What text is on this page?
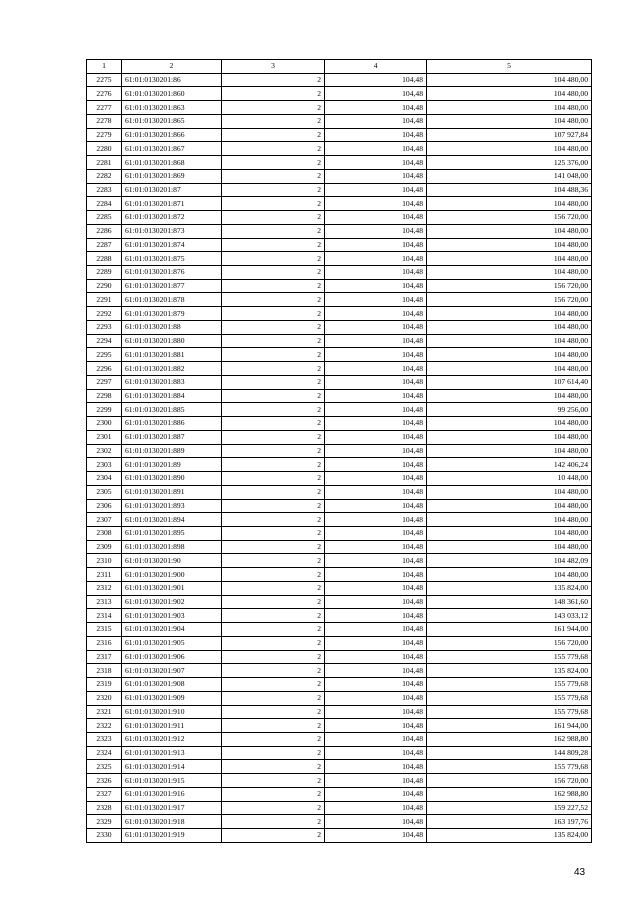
1	2	3	4	5
2275	61:01:0130201:86	2	104,48	104 480,00
2276	61:01:0130201:860	2	104,48	104 480,00
2277	61:01:0130201:863	2	104,48	104 480,00
2278	61:01:0130201:865	2	104,48	104 480,00
2279	61:01:0130201:866	2	104,48	107 927,84
2280	61:01:0130201:867	2	104,48	104 480,00
2281	61:01:0130201:868	2	104,48	125 376,00
2282	61:01:0130201:869	2	104,48	141 048,00
2283	61:01:0130201:87	2	104,48	104 488,36
2284	61:01:0130201:871	2	104,48	104 480,00
2285	61:01:0130201:872	2	104,48	156 720,00
2286	61:01:0130201:873	2	104,48	104 480,00
2287	61:01:0130201:874	2	104,48	104 480,00
2288	61:01:0130201:875	2	104,48	104 480,00
2289	61:01:0130201:876	2	104,48	104 480,00
2290	61:01:0130201:877	2	104,48	156 720,00
2291	61:01:0130201:878	2	104,48	156 720,00
2292	61:01:0130201:879	2	104,48	104 480,00
2293	61:01:0130201:88	2	104,48	104 480,00
2294	61:01:0130201:880	2	104,48	104 480,00
2295	61:01:0130201:881	2	104,48	104 480,00
2296	61:01:0130201:882	2	104,48	104 480,00
2297	61:01:0130201:883	2	104,48	107 614,40
2298	61:01:0130201:884	2	104,48	104 480,00
2299	61:01:0130201:885	2	104,48	99 256,00
2300	61:01:0130201:886	2	104,48	104 480,00
2301	61:01:0130201:887	2	104,48	104 480,00
2302	61:01:0130201:889	2	104,48	104 480,00
2303	61:01:0130201:89	2	104,48	142 406,24
2304	61:01:0130201:890	2	104,48	10 448,00
2305	61:01:0130201:891	2	104,48	104 480,00
2306	61:01:0130201:893	2	104,48	104 480,00
2307	61:01:0130201:894	2	104,48	104 480,00
2308	61:01:0130201:895	2	104,48	104 480,00
2309	61:01:0130201:898	2	104,48	104 480,00
2310	61:01:0130201:90	2	104,48	104 482,09
2311	61:01:0130201:900	2	104,48	104 480,00
2312	61:01:0130201:901	2	104,48	135 824,00
2313	61:01:0130201:902	2	104,48	148 361,60
2314	61:01:0130201:903	2	104,48	143 033,12
2315	61:01:0130201:904	2	104,48	161 944,00
2316	61:01:0130201:905	2	104,48	156 720,00
2317	61:01:0130201:906	2	104,48	155 779,68
2318	61:01:0130201:907	2	104,48	135 824,00
2319	61:01:0130201:908	2	104,48	155 779,68
2320	61:01:0130201:909	2	104,48	155 779,68
2321	61:01:0130201:910	2	104,48	155 779,68
2322	61:01:0130201:911	2	104,48	161 944,00
2323	61:01:0130201:912	2	104,48	162 988,80
2324	61:01:0130201:913	2	104,48	144 809,28
2325	61:01:0130201:914	2	104,48	155 779,68
2326	61:01:0130201:915	2	104,48	156 720,00
2327	61:01:0130201:916	2	104,48	162 988,80
2328	61:01:0130201:917	2	104,48	159 227,52
2329	61:01:0130201:918	2	104,48	163 197,76
2330	61:01:0130201:919	2	104,48	135 824,00
43
